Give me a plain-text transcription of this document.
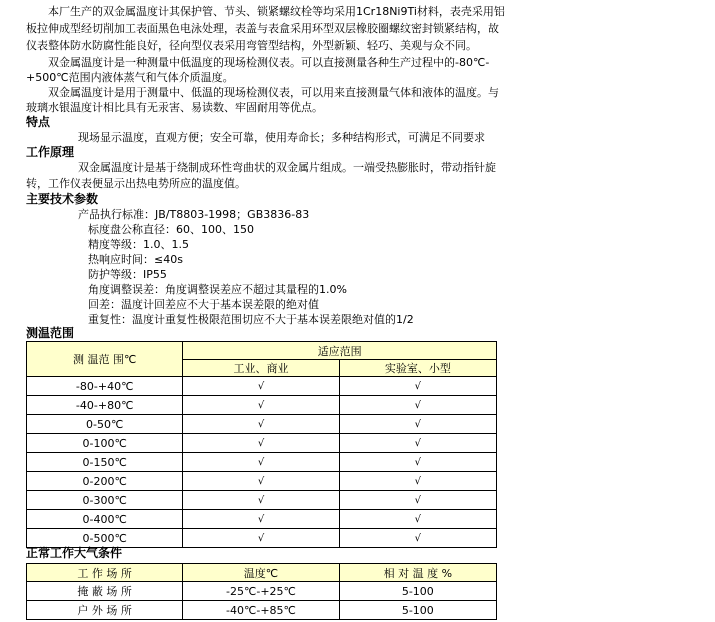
本厂生产的双金属温度计其保护管、节头、锁紧螺纹栓等均采用1Cr18Ni9Ti材料，表壳采用铝
板拉伸成型经切削加工表面黑色电泳处理，表盖与表盒采用环型双层橡胶圈螺纹密封锁紧结构，故
仪表整体防水防腐性能良好，径向型仪表采用弯管型结构，外型新颖、轻巧、美观与众不同。
双金属温度计是一种测量中低温度的现场检测仪表。可以直接测量各种生产过程中的-80℃-
+500℃范围内液体蒸气和气体介质温度。
双金属温度计是用于测量中、低温的现场检测仪表，可以用来直接测量气体和液体的温度。与
玻璃水银温度计相比具有无汞害、易读数、牢固耐用等优点。
特点
现场显示温度，直观方便；安全可靠，使用寿命长；多种结构形式，可满足不同要求
工作原理
双金属温度计是基于绕制成环性弯曲状的双金属片组成。一端受热膨胀时，带动指针旋
转，工作仪表便显示出热电势所应的温度值。
主要技术参数
产品执行标准：JB/T8803-1998；GB3836-83
标度盘公称直径：60、100、150
精度等级：1.0、1.5
热响应时间：≤40s
防护等级：IP55
角度调整误差：角度调整误差应不超过其量程的1.0%
回差：温度计回差应不大于基本误差限的绝对值
重复性：温度计重复性极限范围切应不大于基本误差限绝对值的1/2
测温范围
测 温范 围℃	适应范围	
	工业、商业	实验室、小型
-80-+40℃	√	√
-40-+80℃	√	√
0-50℃	√	√
0-100℃	√	√
0-150℃	√	√
0-200℃	√	√
0-300℃	√	√
0-400℃	√	√
0-500℃	√	√
正常工作大气条件
工 作 场 所	温度℃	相 对 温 度 %
掩 蔽 场 所	-25℃-+25℃	5-100
户 外 场 所	-40℃-+85℃	5-100
